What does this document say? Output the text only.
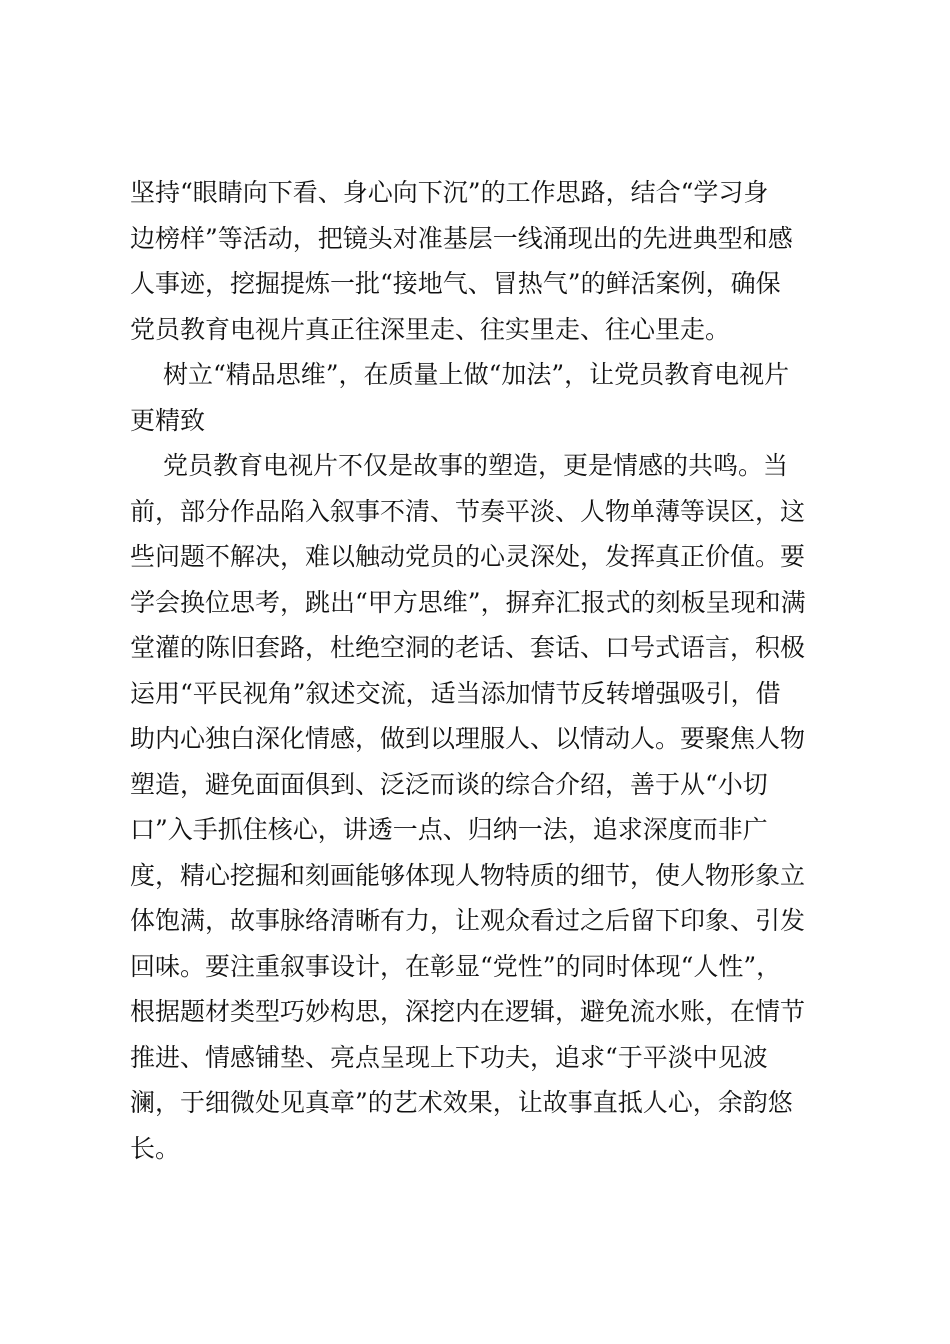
坚持“眼睛向下看、身心向下沉”的工作思路，结合“学习身
边榜样”等活动，把镜头对准基层一线涌现出的先进典型和感
人事迹，挖掘提炼一批“接地气、冒热气”的鲜活案例，确保
党员教育电视片真正往深里走、往实里走、往心里走。
树立“精品思维”，在质量上做“加法”，让党员教育电视片
更精致
党员教育电视片不仅是故事的塑造，更是情感的共鸣。当
前，部分作品陷入叙事不清、节奏平淡、人物单薄等误区，这
些问题不解决，难以触动党员的心灵深处，发挥真正价值。要
学会换位思考，跳出“甲方思维”，摒弃汇报式的刻板呈现和满
堂灌的陈旧套路，杜绝空洞的老话、套话、口号式语言，积极
运用“平民视角”叙述交流，适当添加情节反转增强吸引，借
助内心独白深化情感，做到以理服人、以情动人。要聚焦人物
塑造，避免面面俱到、泛泛而谈的综合介绍，善于从“小切
口”入手抓住核心，讲透一点、归纳一法，追求深度而非广
度，精心挖掘和刻画能够体现人物特质的细节，使人物形象立
体饱满，故事脉络清晰有力，让观众看过之后留下印象、引发
回味。要注重叙事设计，在彰显“党性”的同时体现“人性”，
根据题材类型巧妙构思，深挖内在逻辑，避免流水账，在情节
推进、情感铺垫、亮点呈现上下功夫，追求“于平淡中见波
澜，于细微处见真章”的艺术效果，让故事直抵人心，余韵悠
长。
